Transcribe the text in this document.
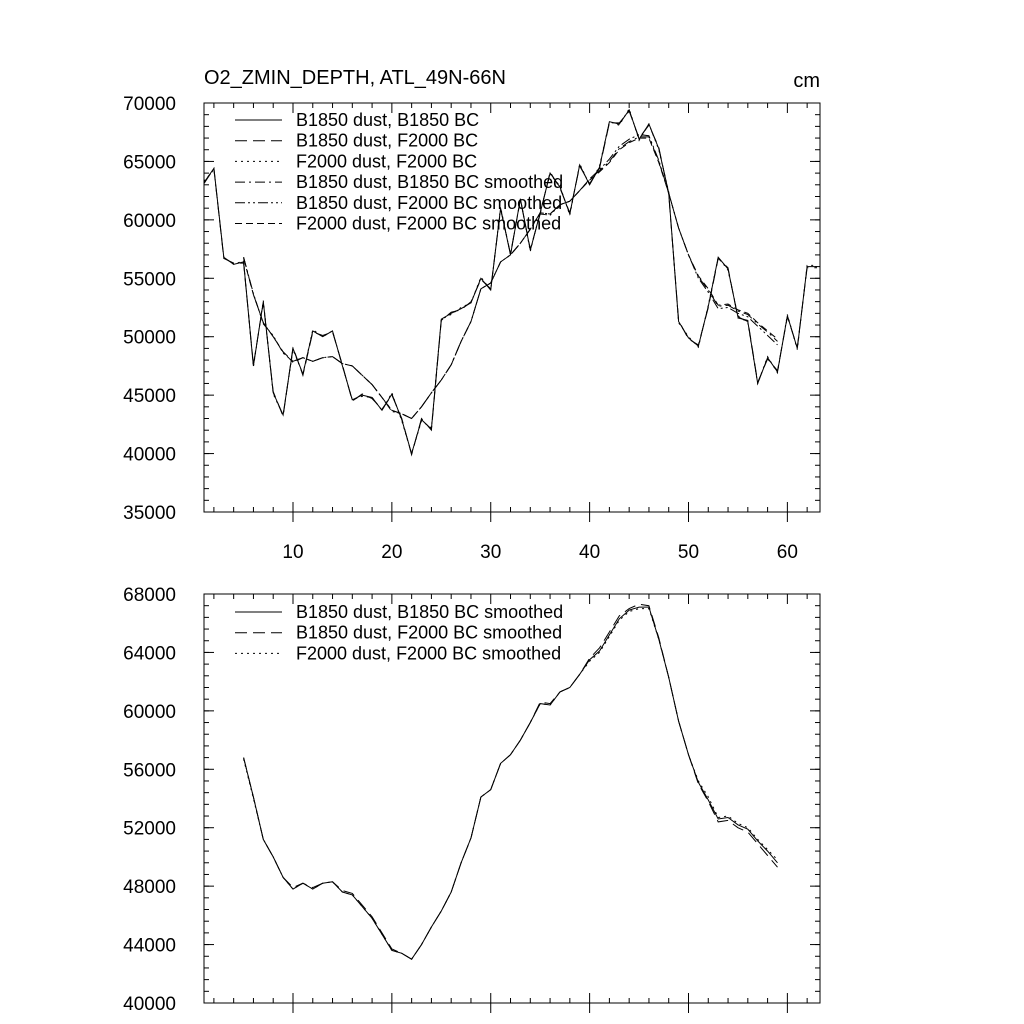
O2_ZMIN_DEPTH, ATL_49N-66N	cm
35000
40000
45000
50000
55000
60000
65000
70000
10	20	30	40	50	60
B1850 dust, B1850 BC
B1850 dust, F2000 BC
F2000 dust, F2000 BC
B1850 dust, B1850 BC smoothed
B1850 dust, F2000 BC smoothed
F2000 dust, F2000 BC smoothed
40000
44000
48000
52000
56000
60000
64000
68000
B1850 dust, B1850 BC smoothed
B1850 dust, F2000 BC smoothed
F2000 dust, F2000 BC smoothed
